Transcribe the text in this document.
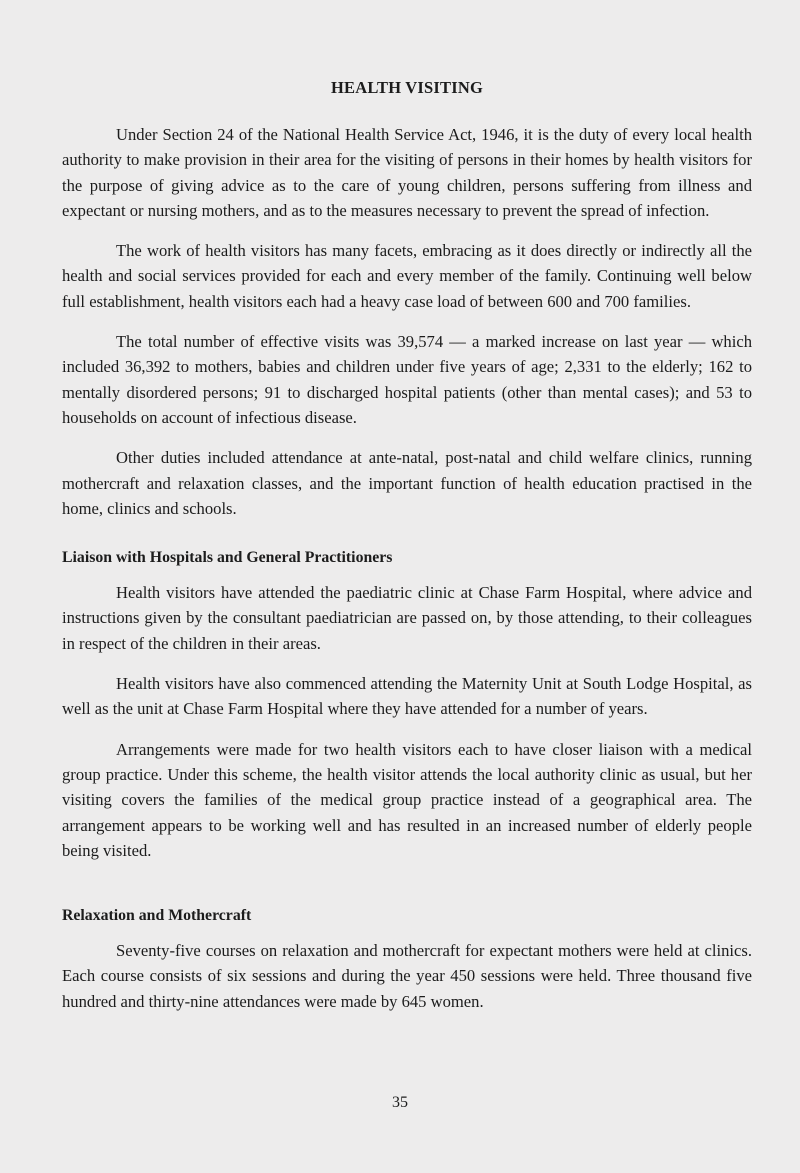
HEALTH VISITING

Under Section 24 of the National Health Service Act, 1946, it is the duty of every local health authority to make provision in their area for the visiting of persons in their homes by health visitors for the purpose of giving advice as to the care of young children, persons suffering from illness and expectant or nursing mothers, and as to the measures necessary to prevent the spread of infection.

The work of health visitors has many facets, embracing as it does directly or indirectly all the health and social services provided for each and every member of the family. Continuing well below full establishment, health visitors each had a heavy case load of between 600 and 700 families.

The total number of effective visits was 39,574 — a marked increase on last year — which included 36,392 to mothers, babies and children under five years of age; 2,331 to the elderly; 162 to mentally disordered persons; 91 to discharged hospital patients (other than mental cases); and 53 to households on account of infectious disease.

Other duties included attendance at ante-natal, post-natal and child welfare clinics, running mothercraft and relaxation classes, and the important function of health education practised in the home, clinics and schools.

Liaison with Hospitals and General Practitioners

Health visitors have attended the paediatric clinic at Chase Farm Hospital, where advice and instructions given by the consultant paediatrician are passed on, by those attending, to their colleagues in respect of the children in their areas.

Health visitors have also commenced attending the Maternity Unit at South Lodge Hospital, as well as the unit at Chase Farm Hospital where they have attended for a number of years.

Arrangements were made for two health visitors each to have closer liaison with a medical group practice. Under this scheme, the health visitor attends the local authority clinic as usual, but her visiting covers the families of the medical group practice instead of a geographical area. The arrangement appears to be working well and has resulted in an increased number of elderly people being visited.

Relaxation and Mothercraft

Seventy-five courses on relaxation and mothercraft for expectant mothers were held at clinics. Each course consists of six sessions and during the year 450 sessions were held. Three thousand five hundred and thirty-nine attendances were made by 645 women.

35
